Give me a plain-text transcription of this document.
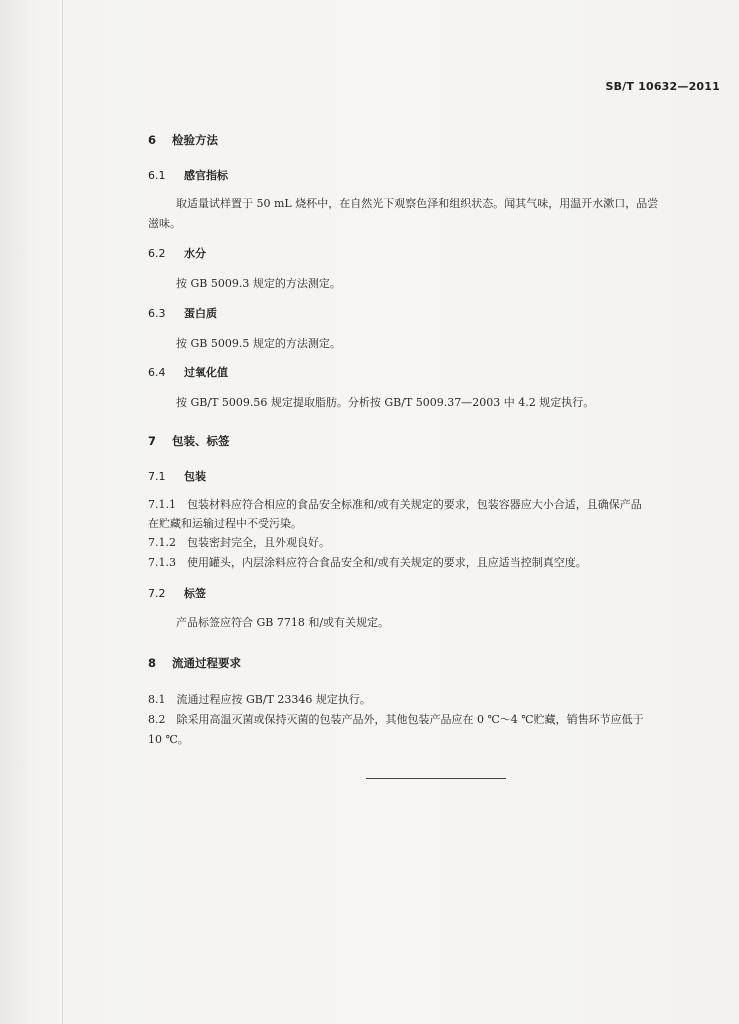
SB/T 10632—2011
6 检验方法
6.1 感官指标
取适量试样置于 50 mL 烧杯中，在自然光下观察色泽和组织状态。闻其气味，用温开水漱口，品尝
滋味。
6.2 水分
按 GB 5009.3 规定的方法测定。
6.3 蛋白质
按 GB 5009.5 规定的方法测定。
6.4 过氧化值
按 GB/T 5009.56 规定提取脂肪。分析按 GB/T 5009.37—2003 中 4.2 规定执行。
7 包装、标签
7.1 包装
7.1.1　包装材料应符合相应的食品安全标准和/或有关规定的要求，包装容器应大小合适，且确保产品
在贮藏和运输过程中不受污染。
7.1.2　包装密封完全，且外观良好。
7.1.3　使用罐头，内层涂料应符合食品安全和/或有关规定的要求，且应适当控制真空度。
7.2 标签
产品标签应符合 GB 7718 和/或有关规定。
8 流通过程要求
8.1　流通过程应按 GB/T 23346 规定执行。
8.2　除采用高温灭菌或保持灭菌的包装产品外，其他包装产品应在 0 ℃～4 ℃贮藏，销售环节应低于
10 ℃。
